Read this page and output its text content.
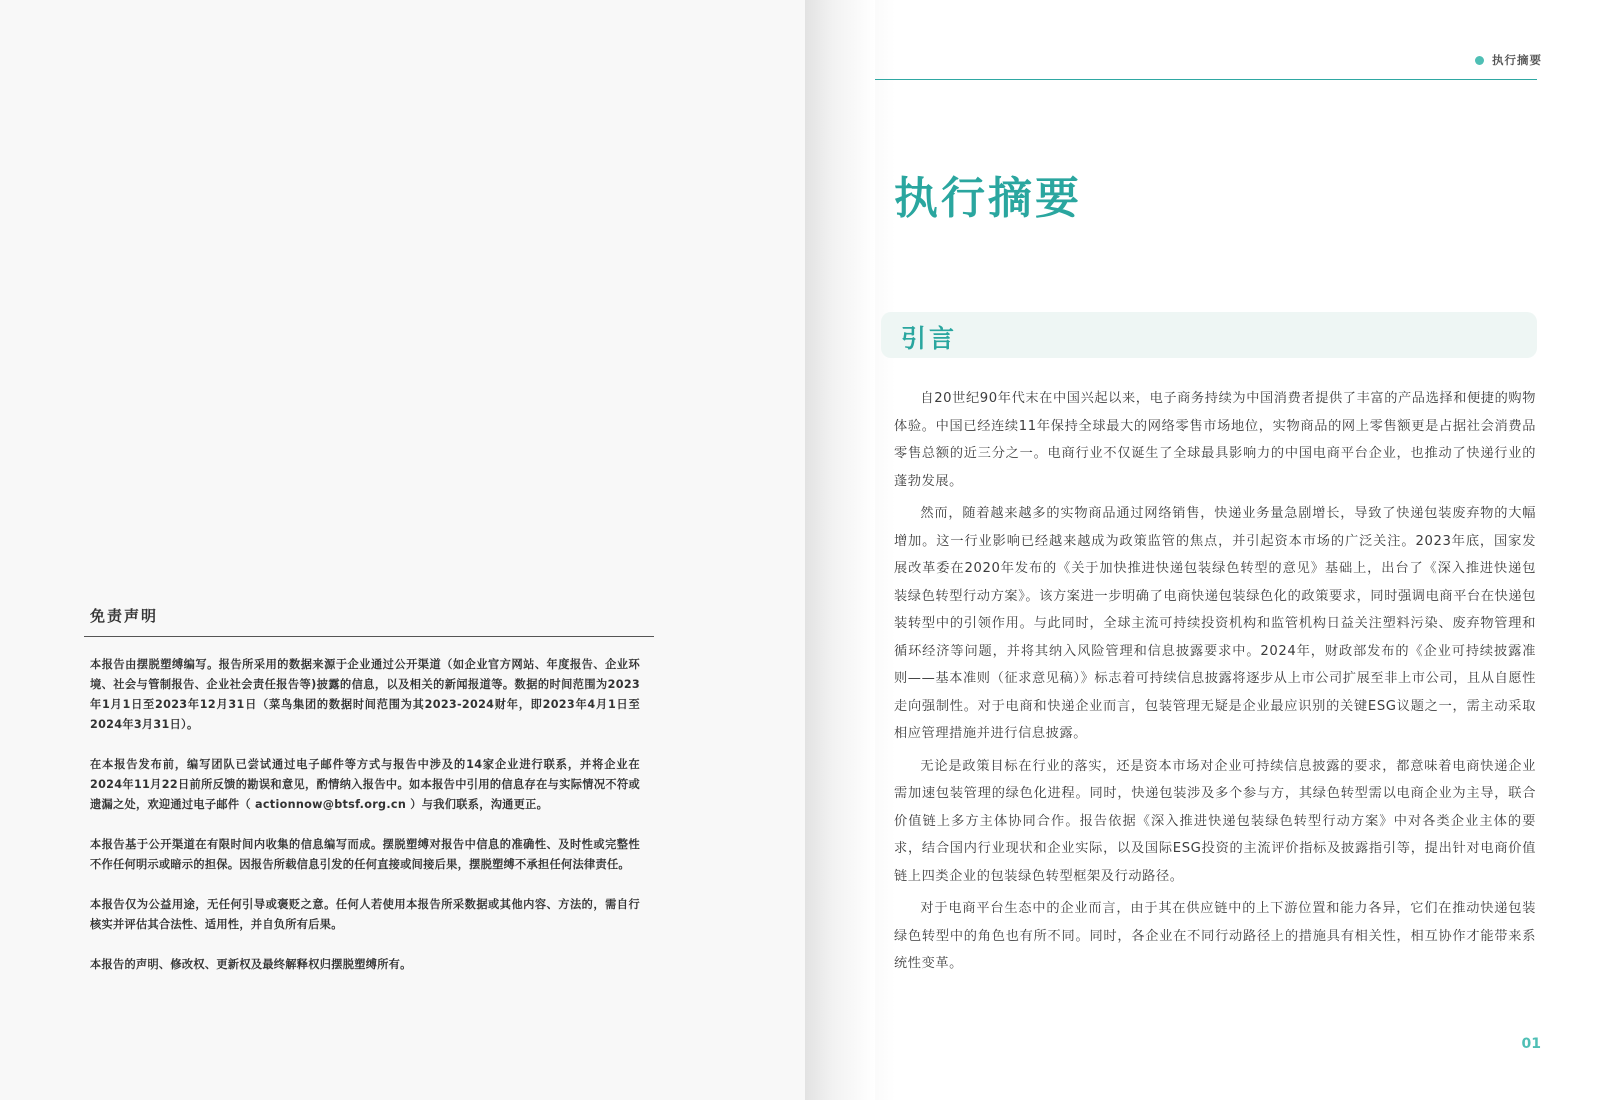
免责声明

本报告由摆脱塑缚编写。报告所采用的数据来源于企业通过公开渠道（如企业官方网站、年度报告、企业环境、社会与管制报告、企业社会责任报告等)披露的信息，以及相关的新闻报道等。数据的时间范围为2023年1月1日至2023年12月31日（菜鸟集团的数据时间范围为其2023-2024财年，即2023年4月1日至2024年3月31日）。

在本报告发布前，编写团队已尝试通过电子邮件等方式与报告中涉及的14家企业进行联系，并将企业在2024年11月22日前所反馈的勘误和意见，酌情纳入报告中。如本报告中引用的信息存在与实际情况不符或遗漏之处，欢迎通过电子邮件（ actionnow@btsf.org.cn ）与我们联系，沟通更正。

本报告基于公开渠道在有限时间内收集的信息编写而成。摆脱塑缚对报告中信息的准确性、及时性或完整性不作任何明示或暗示的担保。因报告所载信息引发的任何直接或间接后果，摆脱塑缚不承担任何法律责任。

本报告仅为公益用途，无任何引导或褒贬之意。任何人若使用本报告所采数据或其他内容、方法的，需自行核实并评估其合法性、适用性，并自负所有后果。

本报告的声明、修改权、更新权及最终解释权归摆脱塑缚所有。

执行摘要
执行摘要
引言

自20世纪90年代末在中国兴起以来，电子商务持续为中国消费者提供了丰富的产品选择和便捷的购物体验。中国已经连续11年保持全球最大的网络零售市场地位，实物商品的网上零售额更是占据社会消费品零售总额的近三分之一。电商行业不仅诞生了全球最具影响力的中国电商平台企业，也推动了快递行业的蓬勃发展。

然而，随着越来越多的实物商品通过网络销售，快递业务量急剧增长，导致了快递包装废弃物的大幅增加。这一行业影响已经越来越成为政策监管的焦点，并引起资本市场的广泛关注。2023年底，国家发展改革委在2020年发布的《关于加快推进快递包装绿色转型的意见》基础上，出台了《深入推进快递包装绿色转型行动方案》。该方案进一步明确了电商快递包装绿色化的政策要求，同时强调电商平台在快递包装转型中的引领作用。与此同时，全球主流可持续投资机构和监管机构日益关注塑料污染、废弃物管理和循环经济等问题，并将其纳入风险管理和信息披露要求中。2024年，财政部发布的《企业可持续披露准则——基本准则（征求意见稿）》标志着可持续信息披露将逐步从上市公司扩展至非上市公司，且从自愿性走向强制性。对于电商和快递企业而言，包装管理无疑是企业最应识别的关键ESG议题之一，需主动采取相应管理措施并进行信息披露。

无论是政策目标在行业的落实，还是资本市场对企业可持续信息披露的要求，都意味着电商快递企业需加速包装管理的绿色化进程。同时，快递包装涉及多个参与方，其绿色转型需以电商企业为主导，联合价值链上多方主体协同合作。报告依据《深入推进快递包装绿色转型行动方案》中对各类企业主体的要求，结合国内行业现状和企业实际，以及国际ESG投资的主流评价指标及披露指引等，提出针对电商价值链上四类企业的包装绿色转型框架及行动路径。

对于电商平台生态中的企业而言，由于其在供应链中的上下游位置和能力各异，它们在推动快递包装绿色转型中的角色也有所不同。同时，各企业在不同行动路径上的措施具有相关性，相互协作才能带来系统性变革。

01
